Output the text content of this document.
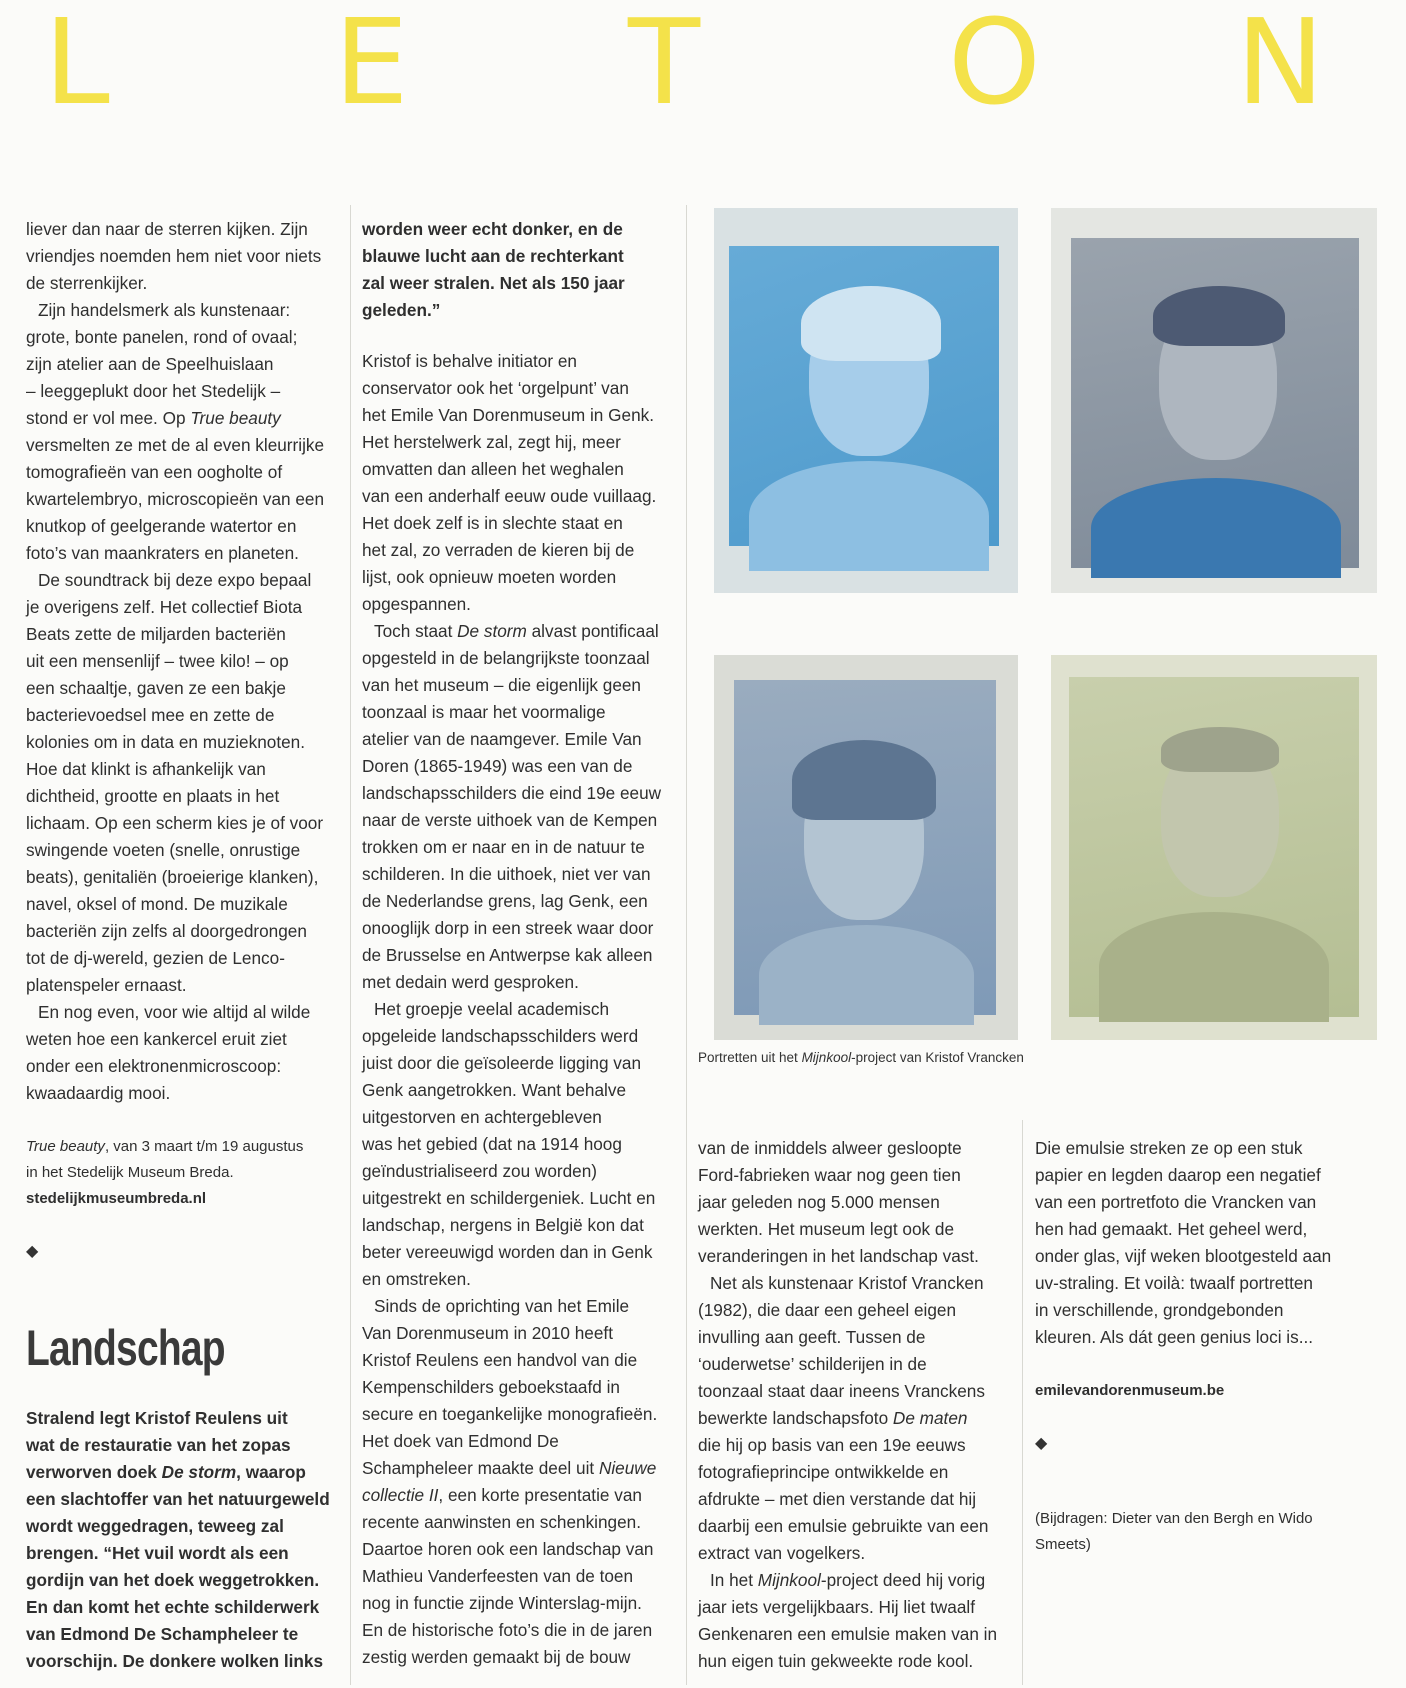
L E T O N

liever dan naar de sterren kijken. Zijn

vriendjes noemden hem niet voor niets

de sterrenkijker.

Zijn handelsmerk als kunstenaar:

grote, bonte panelen, rond of ovaal;

zijn atelier aan de Speelhuislaan

– leeggeplukt door het Stedelijk –

stond er vol mee. Op True beauty

versmelten ze met de al even kleurrijke

tomografieën van een oogholte of

kwartelembryo, microscopieën van een

knutkop of geelgerande watertor en

foto’s van maankraters en planeten.

De soundtrack bij deze expo bepaal

je overigens zelf. Het collectief Biota

Beats zette de miljarden bacteriën

uit een mensenlijf – twee kilo! – op

een schaaltje, gaven ze een bakje

bacterievoedsel mee en zette de

kolonies om in data en muzieknoten.

Hoe dat klinkt is afhankelijk van

dichtheid, grootte en plaats in het

lichaam. Op een scherm kies je of voor

swingende voeten (snelle, onrustige

beats), genitaliën (broeierige klanken),

navel, oksel of mond. De muzikale

bacteriën zijn zelfs al doorgedrongen

tot de dj-wereld, gezien de Lenco-

platenspeler ernaast.

En nog even, voor wie altijd al wilde

weten hoe een kankercel eruit ziet

onder een elektronenmicroscoop:

kwaadaardig mooi.

True beauty, van 3 maart t/m 19 augustus

in het Stedelijk Museum Breda.

stedelijkmuseumbreda.nl

◆

Landschap

Stralend legt Kristof Reulens uit

wat de restauratie van het zopas

verworven doek De storm, waarop

een slachtoffer van het natuurgeweld

wordt weggedragen, teweeg zal

brengen. “Het vuil wordt als een

gordijn van het doek weggetrokken.

En dan komt het echte schilderwerk

van Edmond De Schampheleer te

voorschijn. De donkere wolken links

worden weer echt donker, en de

blauwe lucht aan de rechterkant

zal weer stralen. Net als 150 jaar

geleden.”

Kristof is behalve initiator en

conservator ook het ‘orgelpunt’ van

het Emile Van Dorenmuseum in Genk.

Het herstelwerk zal, zegt hij, meer

omvatten dan alleen het weghalen

van een anderhalf eeuw oude vuillaag.

Het doek zelf is in slechte staat en

het zal, zo verraden de kieren bij de

lijst, ook opnieuw moeten worden

opgespannen.

Toch staat De storm alvast pontificaal

opgesteld in de belangrijkste toonzaal

van het museum – die eigenlijk geen

toonzaal is maar het voormalige

atelier van de naamgever. Emile Van

Doren (1865-1949) was een van de

landschapsschilders die eind 19e eeuw

naar de verste uithoek van de Kempen

trokken om er naar en in de natuur te

schilderen. In die uithoek, niet ver van

de Nederlandse grens, lag Genk, een

onooglijk dorp in een streek waar door

de Brusselse en Antwerpse kak alleen

met dedain werd gesproken.

Het groepje veelal academisch

opgeleide landschapsschilders werd

juist door die geïsoleerde ligging van

Genk aangetrokken. Want behalve

uitgestorven en achtergebleven

was het gebied (dat na 1914 hoog

geïndustrialiseerd zou worden)

uitgestrekt en schildergeniek. Lucht en

landschap, nergens in België kon dat

beter vereeuwigd worden dan in Genk

en omstreken.

Sinds de oprichting van het Emile

Van Dorenmuseum in 2010 heeft

Kristof Reulens een handvol van die

Kempenschilders geboekstaafd in

secure en toegankelijke monografieën.

Het doek van Edmond De

Schampheleer maakte deel uit Nieuwe

collectie II, een korte presentatie van

recente aanwinsten en schenkingen.

Daartoe horen ook een landschap van

Mathieu Vanderfeesten van de toen

nog in functie zijnde Winterslag-mijn.

En de historische foto’s die in de jaren

zestig werden gemaakt bij de bouw

Portretten uit het Mijnkool-project van Kristof Vrancken

van de inmiddels alweer gesloopte

Ford-fabrieken waar nog geen tien

jaar geleden nog 5.000 mensen

werkten. Het museum legt ook de

veranderingen in het landschap vast.

Net als kunstenaar Kristof Vrancken

(1982), die daar een geheel eigen

invulling aan geeft. Tussen de

‘ouderwetse’ schilderijen in de

toonzaal staat daar ineens Vranckens

bewerkte landschapsfoto De maten

die hij op basis van een 19e eeuws

fotografieprincipe ontwikkelde en

afdrukte – met dien verstande dat hij

daarbij een emulsie gebruikte van een

extract van vogelkers.

In het Mijnkool-project deed hij vorig

jaar iets vergelijkbaars. Hij liet twaalf

Genkenaren een emulsie maken van in

hun eigen tuin gekweekte rode kool.

Die emulsie streken ze op een stuk

papier en legden daarop een negatief

van een portretfoto die Vrancken van

hen had gemaakt. Het geheel werd,

onder glas, vijf weken blootgesteld aan

uv-straling. Et voilà: twaalf portretten

in verschillende, grondgebonden

kleuren. Als dát geen genius loci is...

emilevandorenmuseum.be

◆

(Bijdragen: Dieter van den Bergh en Wido Smeets)
